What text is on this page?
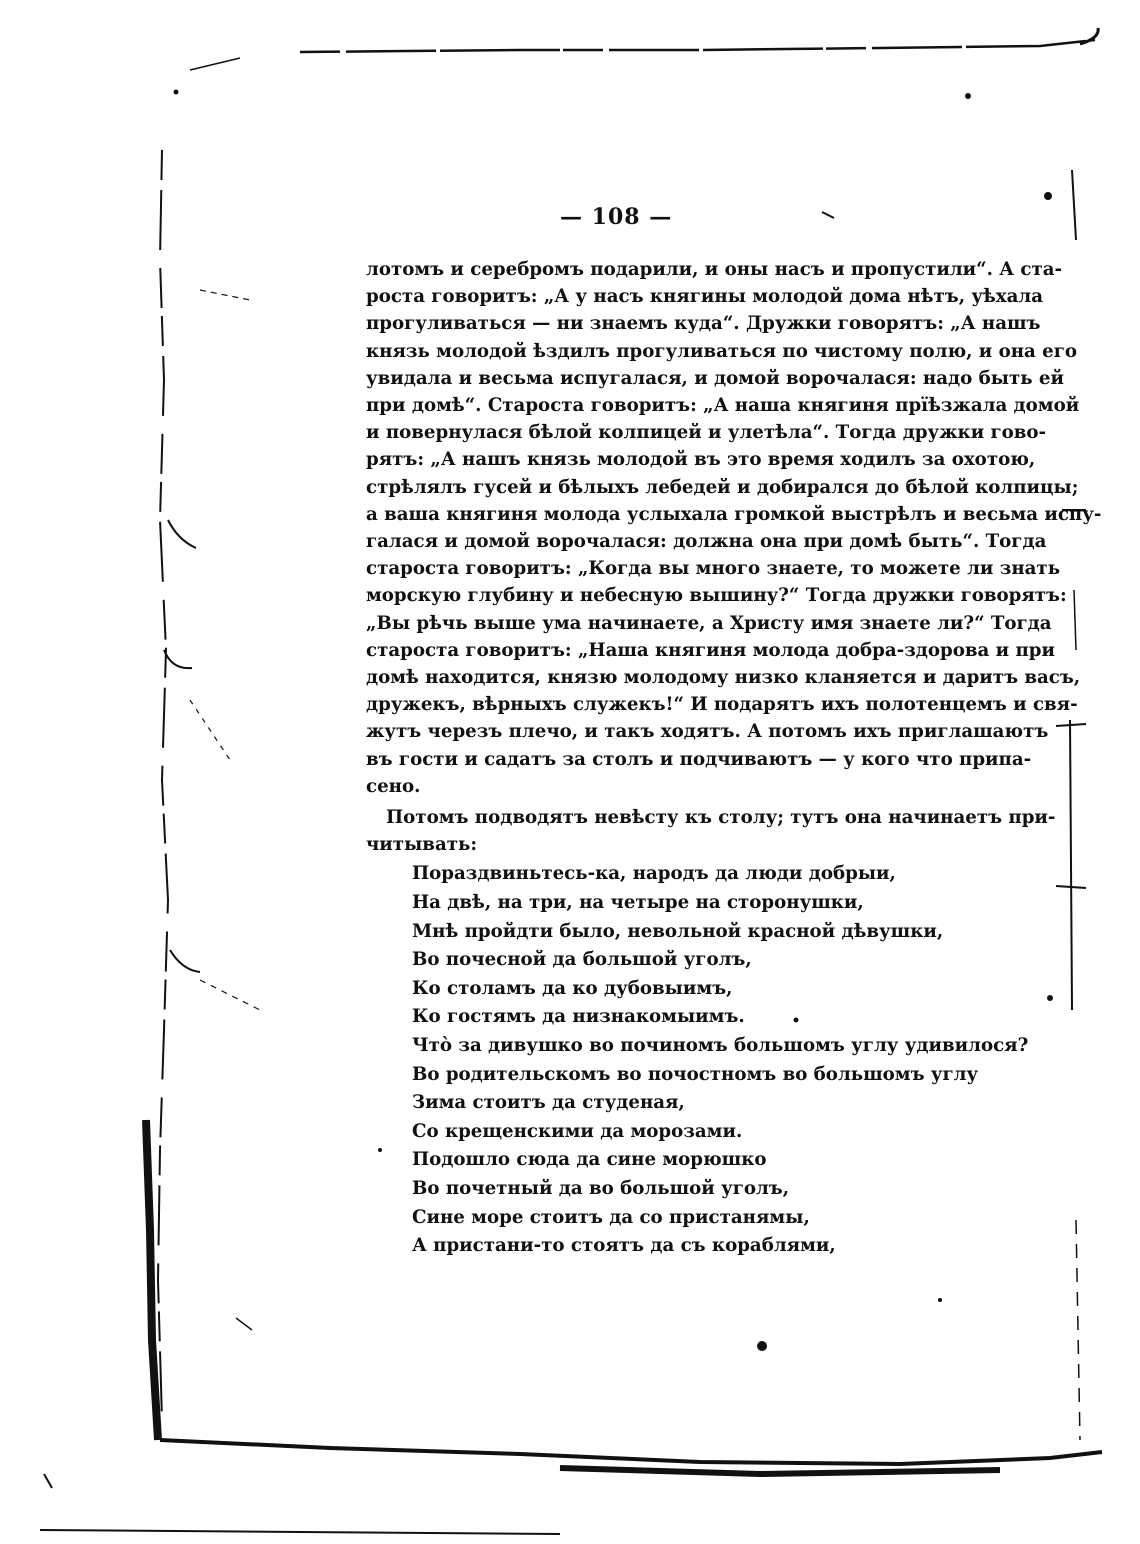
— 108 —
лотомъ и серебромъ подарили, и оны насъ и пропустили“. А ста-
роста говоритъ: „А у насъ княгины молодой дома нѣтъ, уѣхала
прогуливаться — ни знаемъ куда“. Дружки говорятъ: „А нашъ
князь молодой ѣздилъ прогуливаться по чистому полю, и она его
увидала и весьма испугалася, и домой ворочалася: надо быть ей
при домѣ“. Староста говоритъ: „А наша княгиня прїѣзжала домой
и повернулася бѣлой колпицей и улетѣла“. Тогда дружки гово-
рятъ: „А нашъ князь молодой въ это время ходилъ за охотою,
стрѣлялъ гусей и бѣлыхъ лебедей и добирался до бѣлой колпицы;
а ваша княгиня молода услыхала громкой выстрѣлъ и весьма испу-
галася и домой ворочалася: должна она при домѣ быть“. Тогда
староста говоритъ: „Когда вы много знаете, то можете ли знать
морскую глубину и небесную вышину?“ Тогда дружки говорятъ:
„Вы рѣчь выше ума начинаете, а Христу имя знаете ли?“ Тогда
староста говоритъ: „Наша княгиня молода добра-здорова и при
домѣ находится, князю молодому низко кланяется и даритъ васъ,
дружекъ, вѣрныхъ служекъ!“ И подарятъ ихъ полотенцемъ и свя-
жутъ черезъ плечо, и такъ ходятъ. А потомъ ихъ приглашаютъ
въ гости и садатъ за столъ и подчиваютъ — у кого что припа-
сено.
Потомъ подводятъ невѣсту къ столу; тутъ она начинаетъ при-
читывать:
Пораздвиньтесь-ка, народъ да люди добрыи,
На двѣ, на три, на четыре на сторонушки,
Мнѣ пройдти было, невольной красной дѣвушки,
Во почесной да большой уголъ,
Ко столамъ да ко дубовыимъ,
Ко гостямъ да низнакомыимъ.
Чтò за дивушко во починомъ большомъ углу удивилося?
Во родительскомъ во почостномъ во большомъ углу
Зима стоитъ да студеная,
Со крещенскими да морозами.
Подошло сюда да сине морюшко
Во почетный да во большой уголъ,
Сине море стоитъ да со пристанямы,
А пристани-то стоятъ да съ кораблями,
